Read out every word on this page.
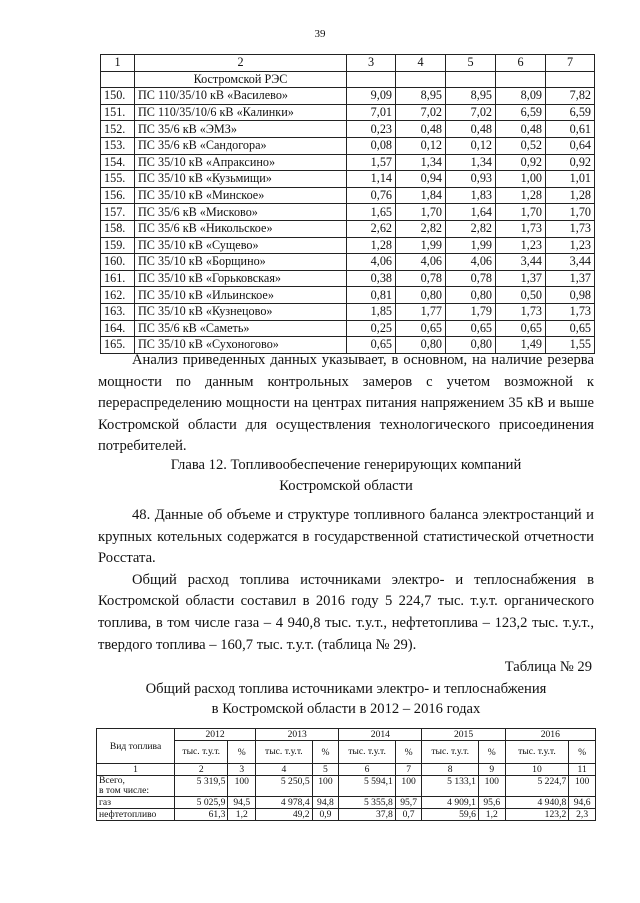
39
1	2	3	4	5	6	7
	Костромской РЭС					
150.	ПС 110/35/10 кВ «Василево»	9,09	8,95	8,95	8,09	7,82
151.	ПС 110/35/10/6 кВ «Калинки»	7,01	7,02	7,02	6,59	6,59
152.	ПС 35/6 кВ «ЭМЗ»	0,23	0,48	0,48	0,48	0,61
153.	ПС 35/6 кВ «Сандогора»	0,08	0,12	0,12	0,52	0,64
154.	ПС 35/10 кВ «Апраксино»	1,57	1,34	1,34	0,92	0,92
155.	ПС 35/10 кВ «Кузьмищи»	1,14	0,94	0,93	1,00	1,01
156.	ПС 35/10 кВ «Минское»	0,76	1,84	1,83	1,28	1,28
157.	ПС 35/6 кВ «Мисково»	1,65	1,70	1,64	1,70	1,70
158.	ПС 35/6 кВ «Никольское»	2,62	2,82	2,82	1,73	1,73
159.	ПС 35/10 кВ «Сущево»	1,28	1,99	1,99	1,23	1,23
160.	ПС 35/10 кВ «Борщино»	4,06	4,06	4,06	3,44	3,44
161.	ПС 35/10 кВ «Горьковская»	0,38	0,78	0,78	1,37	1,37
162.	ПС 35/10 кВ «Ильинское»	0,81	0,80	0,80	0,50	0,98
163.	ПС 35/10 кВ «Кузнецово»	1,85	1,77	1,79	1,73	1,73
164.	ПС 35/6 кВ «Саметь»	0,25	0,65	0,65	0,65	0,65
165.	ПС 35/10 кВ «Сухоногово»	0,65	0,80	0,80	1,49	1,55

Анализ приведенных данных указывает, в основном, на наличие резерва мощности по данным контрольных замеров с учетом возможной к перераспределению мощности на центрах питания напряжением 35 кВ и выше Костромской области для осуществления технологического присоединения потребителей.

Глава 12. Топливообеспечение генерирующих компаний
Костромской области

48. Данные об объеме и структуре топливного баланса электростанций и крупных котельных содержатся в государственной статистической отчетности Росстата.

Общий расход топлива источниками электро- и теплоснабжения в Костромской области составил в 2016 году 5 224,7 тыс. т.у.т. органического топлива, в том числе газа – 4 940,8 тыс. т.у.т., нефтетоплива – 123,2 тыс. т.у.т., твердого топлива – 160,7 тыс. т.у.т. (таблица № 29).

Таблица № 29
Общий расход топлива источниками электро- и теплоснабжения
в Костромской области в 2012 – 2016 годах
Вид топлива	2012		2013		2014		2015		2016	
	тыс. т.у.т.	%	тыс. т.у.т.	%	тыс. т.у.т.	%	тыс. т.у.т.	%	тыс. т.у.т.	%
1	2	3	4	5	6	7	8	9	10	11

Всего,
в том числе:	5 319,5	100	5 250,5	100	5 594,1	100	5 133,1	100	5 224,7	100
газ	5 025,9	94,5	4 978,4	94,8	5 355,8	95,7	4 909,1	95,6	4 940,8	94,6
нефтетопливо	61,3	1,2	49,2	0,9	37,8	0,7	59,6	1,2	123,2	2,3
